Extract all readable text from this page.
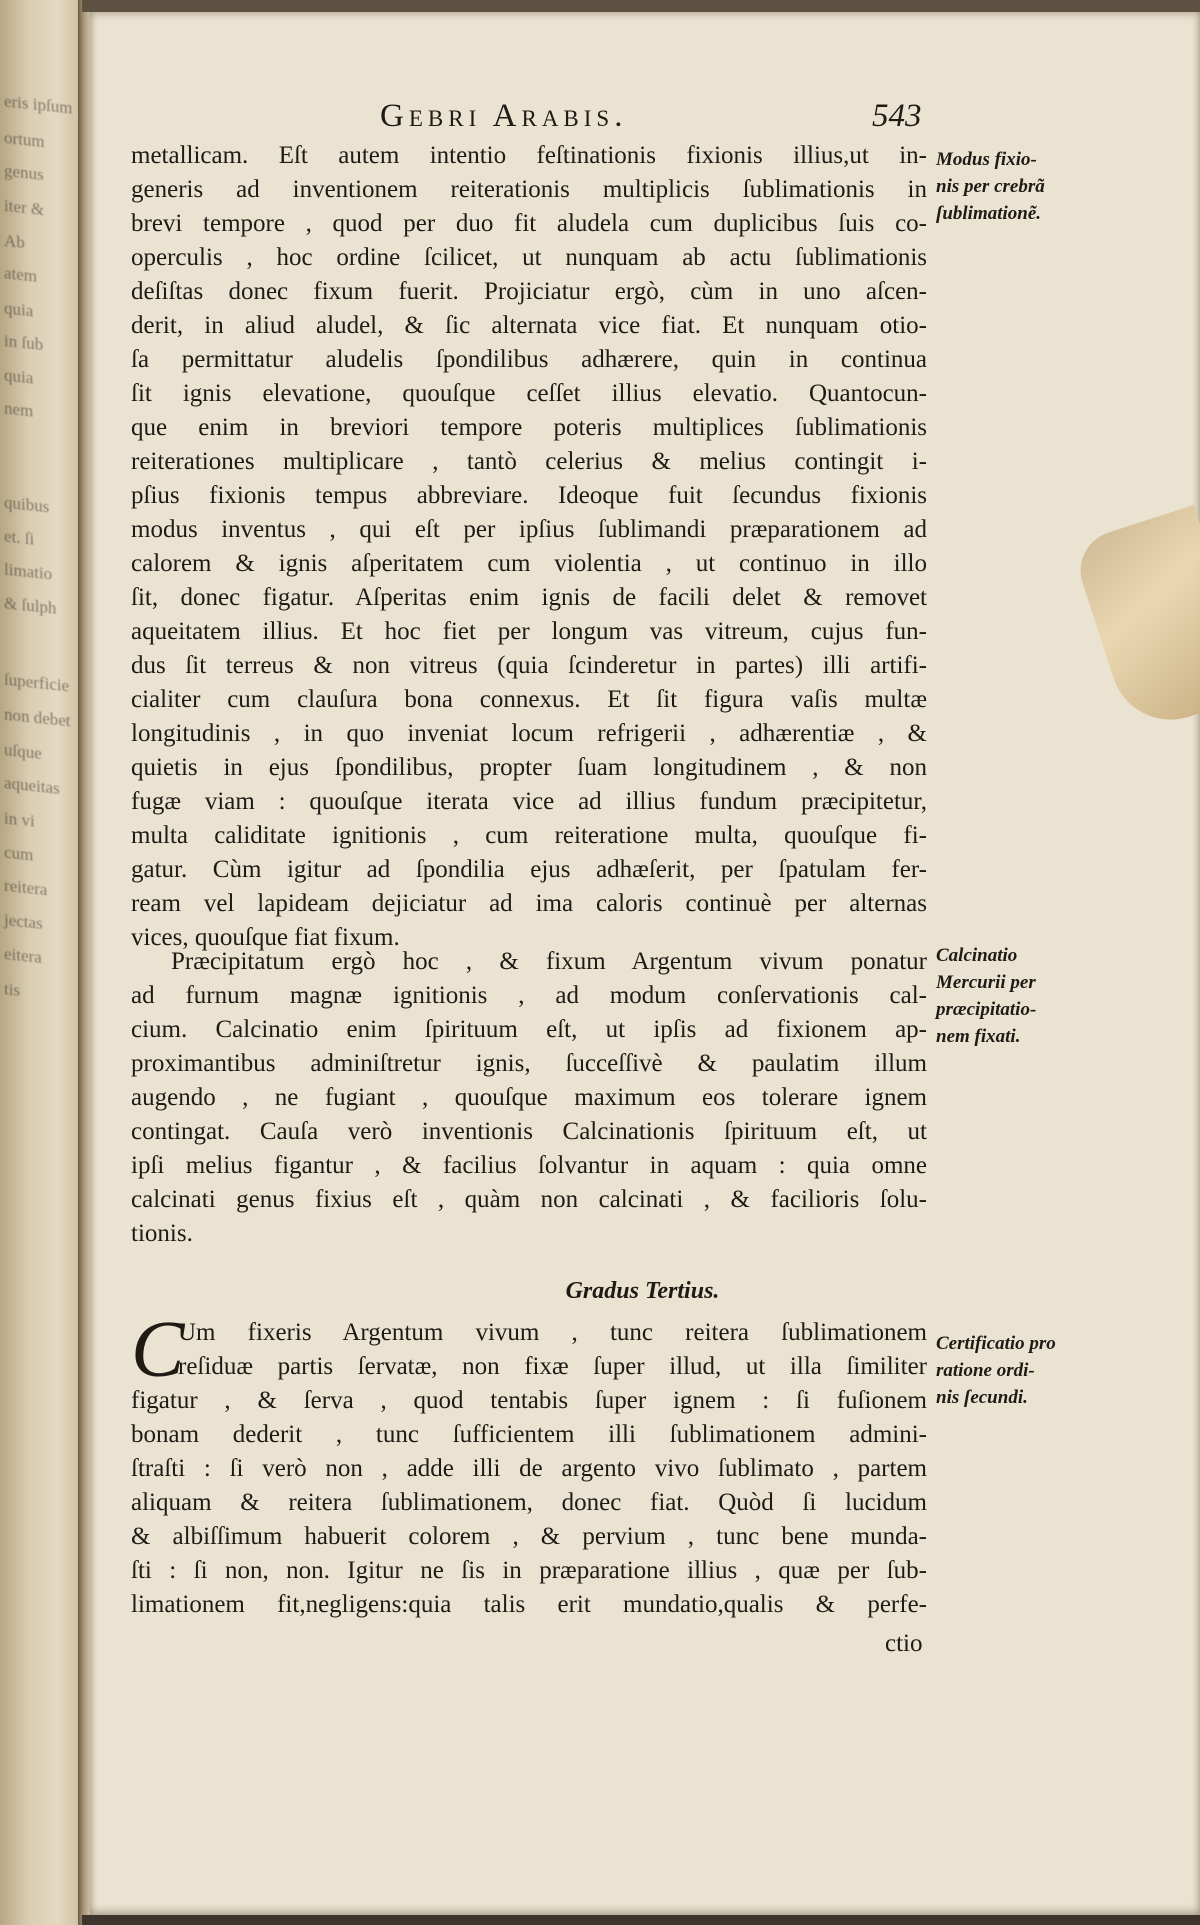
eris ipſum
ortum
genus
iter &
Ab
atem
quia
in ſub
quia
nem
quibus
et. ſi
limatio
& ſulph
ſuperficie
non debet
uſque
aqueitas
in vi
cum
reitera
jectas
eitera
tis
Gebri Arabis.	543
metallicam. Eſt autem intentio feſtinationis fixionis illius,ut in-
generis ad inventionem reiterationis multiplicis ſublimationis in
brevi tempore , quod per duo fit aludela cum duplicibus ſuis co-
operculis , hoc ordine ſcilicet, ut nunquam ab actu ſublimationis
deſiſtas donec fixum fuerit. Projiciatur ergò, cùm in uno aſcen-
derit, in aliud aludel, & ſic alternata vice fiat. Et nunquam otio-
ſa permittatur aludelis ſpondilibus adhærere, quin in continua
ſit ignis elevatione, quouſque ceſſet illius elevatio. Quantocun-
que enim in breviori tempore poteris multiplices ſublimationis
reiterationes multiplicare , tantò celerius & melius contingit i-
pſius fixionis tempus abbreviare. Ideoque fuit ſecundus fixionis
modus inventus , qui eſt per ipſius ſublimandi præparationem ad
calorem & ignis aſperitatem cum violentia , ut continuo in illo
ſit, donec figatur. Aſperitas enim ignis de facili delet & removet
aqueitatem illius. Et hoc fiet per longum vas vitreum, cujus fun-
dus ſit terreus & non vitreus (quia ſcinderetur in partes) illi artifi-
cialiter cum clauſura bona connexus. Et ſit figura vaſis multæ
longitudinis , in quo inveniat locum refrigerii , adhærentiæ , &
quietis in ejus ſpondilibus, propter ſuam longitudinem , & non
fugæ viam : quouſque iterata vice ad illius fundum præcipitetur,
multa caliditate ignitionis , cum reiteratione multa, quouſque fi-
gatur. Cùm igitur ad ſpondilia ejus adhæſerit, per ſpatulam fer-
ream vel lapideam dejiciatur ad ima caloris continuè per alternas
vices, quouſque fiat fixum.
Præcipitatum ergò hoc , & fixum Argentum vivum ponatur
ad furnum magnæ ignitionis , ad modum conſervationis cal-
cium. Calcinatio enim ſpirituum eſt, ut ipſis ad fixionem ap-
proximantibus adminiſtretur ignis, ſucceſſivè & paulatim illum
augendo , ne fugiant , quouſque maximum eos tolerare ignem
contingat. Cauſa verò inventionis Calcinationis ſpirituum eſt, ut
ipſi melius figantur , & facilius ſolvantur in aquam : quia omne
calcinati genus fixius eſt , quàm non calcinati , & facilioris ſolu-
tionis.
Gradus Tertius.
C
Um fixeris Argentum vivum , tunc reitera ſublimationem
reſiduæ partis ſervatæ, non fixæ ſuper illud, ut illa ſimiliter
figatur , & ſerva , quod tentabis ſuper ignem : ſi fuſionem
bonam dederit , tunc ſufficientem illi ſublimationem admini-
ſtraſti : ſi verò non , adde illi de argento vivo ſublimato , partem
aliquam & reitera ſublimationem, donec fiat. Quòd ſi lucidum
& albiſſimum habuerit colorem , & pervium , tunc bene munda-
ſti : ſi non, non. Igitur ne ſis in præparatione illius , quæ per ſub-
limationem fit,negligens:quia talis erit mundatio,qualis & perfe-
ctio
Modus fixio-
nis per crebrã
ſublimationẽ.
Calcinatio
Mercurii per
præcipitatio-
nem fixati.
Certificatio pro
ratione ordi-
nis ſecundi.
